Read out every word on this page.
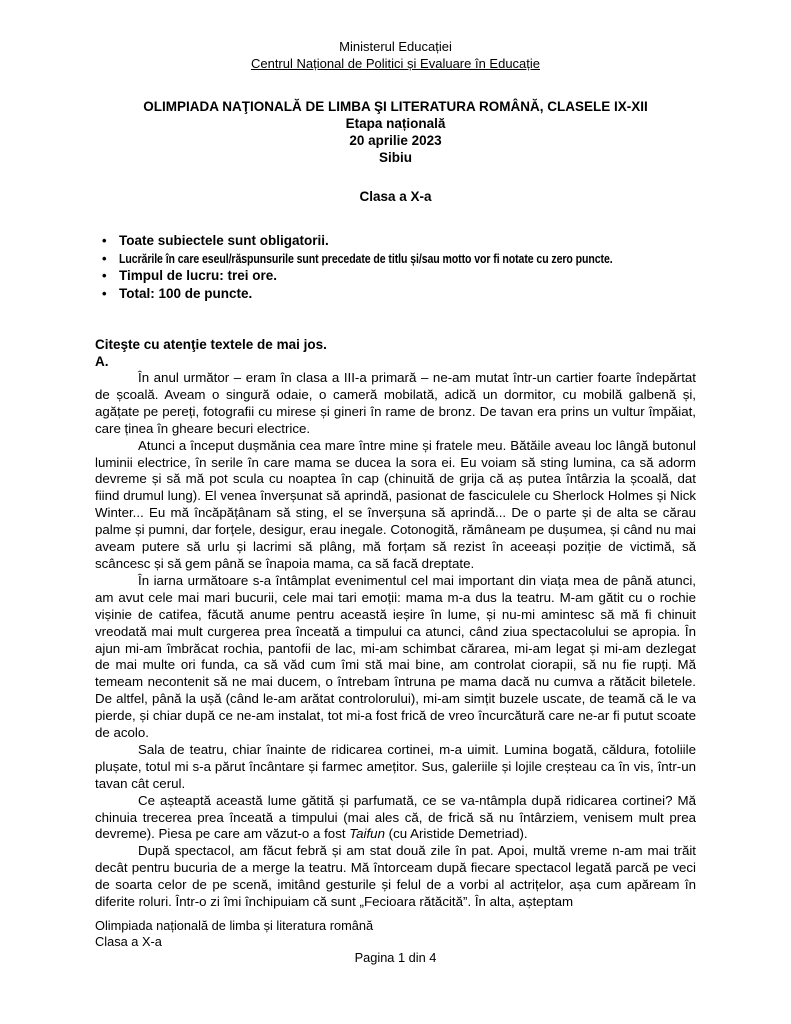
Ministerul Educației
Centrul Național de Politici și Evaluare în Educație
OLIMPIADA NAŢIONALĂ DE LIMBA ŞI LITERATURA ROMÂNĂ, CLASELE IX-XII
Etapa națională
20 aprilie 2023
Sibiu
Clasa a X-a
• Toate subiectele sunt obligatorii.
• Lucrările în care eseul/răspunsurile sunt precedate de titlu și/sau motto vor fi notate cu zero puncte.
• Timpul de lucru: trei ore.
• Total: 100 de puncte.
Citeşte cu atenţie textele de mai jos.
A.

În anul următor – eram în clasa a III-a primară – ne-am mutat într-un cartier foarte îndepărtat de școală. Aveam o singură odaie, o cameră mobilată, adică un dormitor, cu mobilă galbenă și, agățate pe pereți, fotografii cu mirese și gineri în rame de bronz. De tavan era prins un vultur împăiat, care ținea în gheare becuri electrice.

Atunci a început dușmănia cea mare între mine și fratele meu. Bătăile aveau loc lângă butonul luminii electrice, în serile în care mama se ducea la sora ei. Eu voiam să sting lumina, ca să adorm devreme și să mă pot scula cu noaptea în cap (chinuită de grija că aș putea întârzia la școală, dat fiind drumul lung). El venea înverșunat să aprindă, pasionat de fasciculele cu Sherlock Holmes și Nick Winter... Eu mă încăpățânam să sting, el se înverșuna să aprindă... De o parte și de alta se cărau palme și pumni, dar forțele, desigur, erau inegale. Cotonogită, rămâneam pe dușumea, și când nu mai aveam putere să urlu și lacrimi să plâng, mă forțam să rezist în aceeași poziție de victimă, să scâncesc și să gem până se înapoia mama, ca să facă dreptate.

În iarna următoare s-a întâmplat evenimentul cel mai important din viața mea de până atunci, am avut cele mai mari bucurii, cele mai tari emoții: mama m-a dus la teatru. M-am gătit cu o rochie vișinie de catifea, făcută anume pentru această ieșire în lume, și nu-mi amintesc să mă fi chinuit vreodată mai mult curgerea prea înceată a timpului ca atunci, când ziua spectacolului se apropia. În ajun mi-am îmbrăcat rochia, pantofii de lac, mi-am schimbat cărarea, mi-am legat și mi-am dezlegat de mai multe ori funda, ca să văd cum îmi stă mai bine, am controlat ciorapii, să nu fie rupți. Mă temeam necontenit să ne mai ducem, o întrebam întruna pe mama dacă nu cumva a rătăcit biletele. De altfel, până la ușă (când le-am arătat controlorului), mi-am simțit buzele uscate, de teamă că le va pierde, și chiar după ce ne-am instalat, tot mi-a fost frică de vreo încurcătură care ne-ar fi putut scoate de acolo.

Sala de teatru, chiar înainte de ridicarea cortinei, m-a uimit. Lumina bogată, căldura, fotoliile plușate, totul mi s-a părut încântare și farmec amețitor. Sus, galeriile și lojile creșteau ca în vis, într-un tavan cât cerul.

Ce așteaptă această lume gătită și parfumată, ce se va-ntâmpla după ridicarea cortinei? Mă chinuia trecerea prea înceată a timpului (mai ales că, de frică să nu întârziem, venisem mult prea devreme). Piesa pe care am văzut-o a fost Taifun (cu Aristide Demetriad).

După spectacol, am făcut febră și am stat două zile în pat. Apoi, multă vreme n-am mai trăit decât pentru bucuria de a merge la teatru. Mă întorceam după fiecare spectacol legată parcă pe veci de soarta celor de pe scenă, imitând gesturile și felul de a vorbi al actrițelor, așa cum apăream în diferite roluri. Într-o zi îmi închipuiam că sunt „Fecioara rătăcită”. În alta, așteptam

Olimpiada națională de limba și literatura română
Clasa a X-a
Pagina 1 din 4
